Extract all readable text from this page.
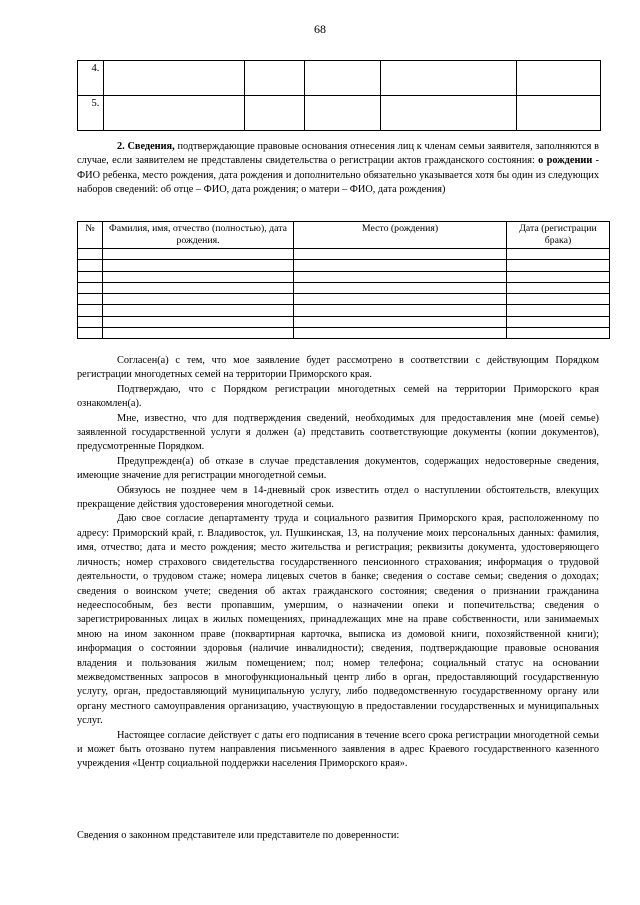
68
4.					
5.					
2. Сведения, подтверждающие правовые основания отнесения лиц к членам семьи заявителя, заполняются в случае, если заявителем не представлены свидетельства о регистрации актов гражданского состояния: о рождении - ФИО ребенка, место рождения, дата рождения и дополнительно обязательно указывается хотя бы один из следующих наборов сведений: об отце – ФИО, дата рождения; о матери – ФИО, дата рождения)
№	Фамилия, имя, отчество (полностью), дата рождения.	Место (рождения)	Дата (регистрации брака)

Согласен(а) с тем, что мое заявление будет рассмотрено в соответствии с действующим Порядком регистрации многодетных семей на территории Приморского края.

Подтверждаю, что с Порядком регистрации многодетных семей на территории Приморского края ознакомлен(а).

Мне, известно, что для подтверждения сведений, необходимых для предоставления мне (моей семье) заявленной государственной услуги я должен (а) представить соответствующие документы (копии документов), предусмотренные Порядком.

Предупрежден(а) об отказе в случае представления документов, содержащих недостоверные сведения, имеющие значение для регистрации многодетной семьи.

Обязуюсь не позднее чем в 14-дневный срок известить отдел о наступлении обстоятельств, влекущих прекращение действия удостоверения многодетной семьи.

Даю свое согласие департаменту труда и социального развития Приморского края, расположенному по адресу: Приморский край, г. Владивосток, ул. Пушкинская, 13, на получение моих персональных данных: фамилия, имя, отчество; дата и место рождения; место жительства и регистрация; реквизиты документа, удостоверяющего личность; номер страхового свидетельства государственного пенсионного страхования; информация о трудовой деятельности, о трудовом стаже; номера лицевых счетов в банке; сведения о составе семьи; сведения о доходах; сведения о воинском учете; сведения об актах гражданского состояния; сведения о признании гражданина недееспособным, без вести пропавшим, умершим, о назначении опеки и попечительства; сведения о зарегистрированных лицах в жилых помещениях, принадлежащих мне на праве собственности, или занимаемых мною на ином законном праве (поквартирная карточка, выписка из домовой книги, похозяйственной книги); информация о состоянии здоровья (наличие инвалидности); сведения, подтверждающие правовые основания владения и пользования жилым помещением; пол; номер телефона; социальный статус на основании межведомственных запросов в многофункциональный центр либо в орган, предоставляющий государственную услугу, орган, предоставляющий муниципальную услугу, либо подведомственную государственному органу или органу местного самоуправления организацию, участвующую в предоставлении государственных и муниципальных услуг.

Настоящее согласие действует с даты его подписания в течение всего срока регистрации многодетной семьи и может быть отозвано путем направления письменного заявления в адрес Краевого государственного казенного учреждения «Центр социальной поддержки населения Приморского края».

Сведения о законном представителе или представителе по доверенности:
